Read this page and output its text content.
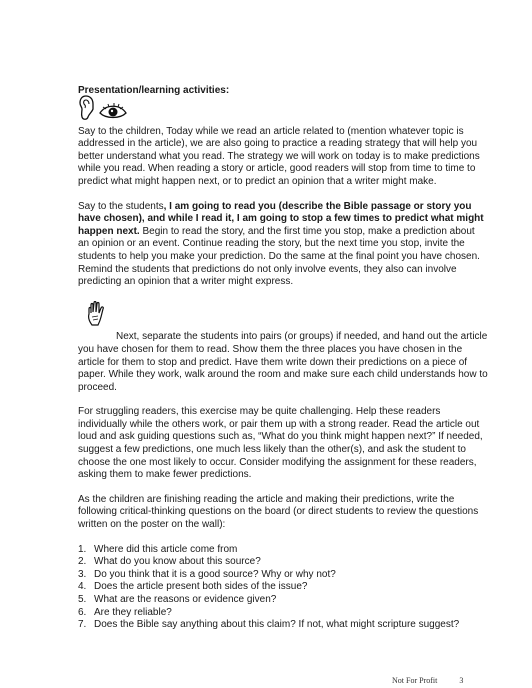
Presentation/learning activities:

Say to the children, Today while we read an article related to (mention whatever topic is addressed in the article), we are also going to practice a reading strategy that will help you better understand what you read. The strategy we will work on today is to make predictions while you read. When reading a story or article, good readers will stop from time to time to predict what might happen next, or to predict an opinion that a writer might make.

Say to the students, I am going to read you (describe the Bible passage or story you have chosen), and while I read it, I am going to stop a few times to predict what might happen next. Begin to read the story, and the first time you stop, make a prediction about an opinion or an event. Continue reading the story, but the next time you stop, invite the students to help you make your prediction. Do the same at the final point you have chosen. Remind the students that predictions do not only involve events, they also can involve predicting an opinion that a writer might express.

Next, separate the students into pairs (or groups) if needed, and hand out the article you have chosen for them to read. Show them the three places you have chosen in the article for them to stop and predict. Have them write down their predictions on a piece of paper. While they work, walk around the room and make sure each child understands how to proceed.

For struggling readers, this exercise may be quite challenging. Help these readers individually while the others work, or pair them up with a strong reader. Read the article out loud and ask guiding questions such as, “What do you think might happen next?” If needed, suggest a few predictions, one much less likely than the other(s), and ask the student to choose the one most likely to occur. Consider modifying the assignment for these readers, asking them to make fewer predictions.

As the children are finishing reading the article and making their predictions, write the following critical-thinking questions on the board (or direct students to review the questions written on the poster on the wall):

1. Where did this article come from
2. What do you know about this source?
3. Do you think that it is a good source? Why or why not?
4. Does the article present both sides of the issue?
5. What are the reasons or evidence given?
6. Are they reliable?
7. Does the Bible say anything about this claim? If not, what might scripture suggest?
Not For Profit	3
